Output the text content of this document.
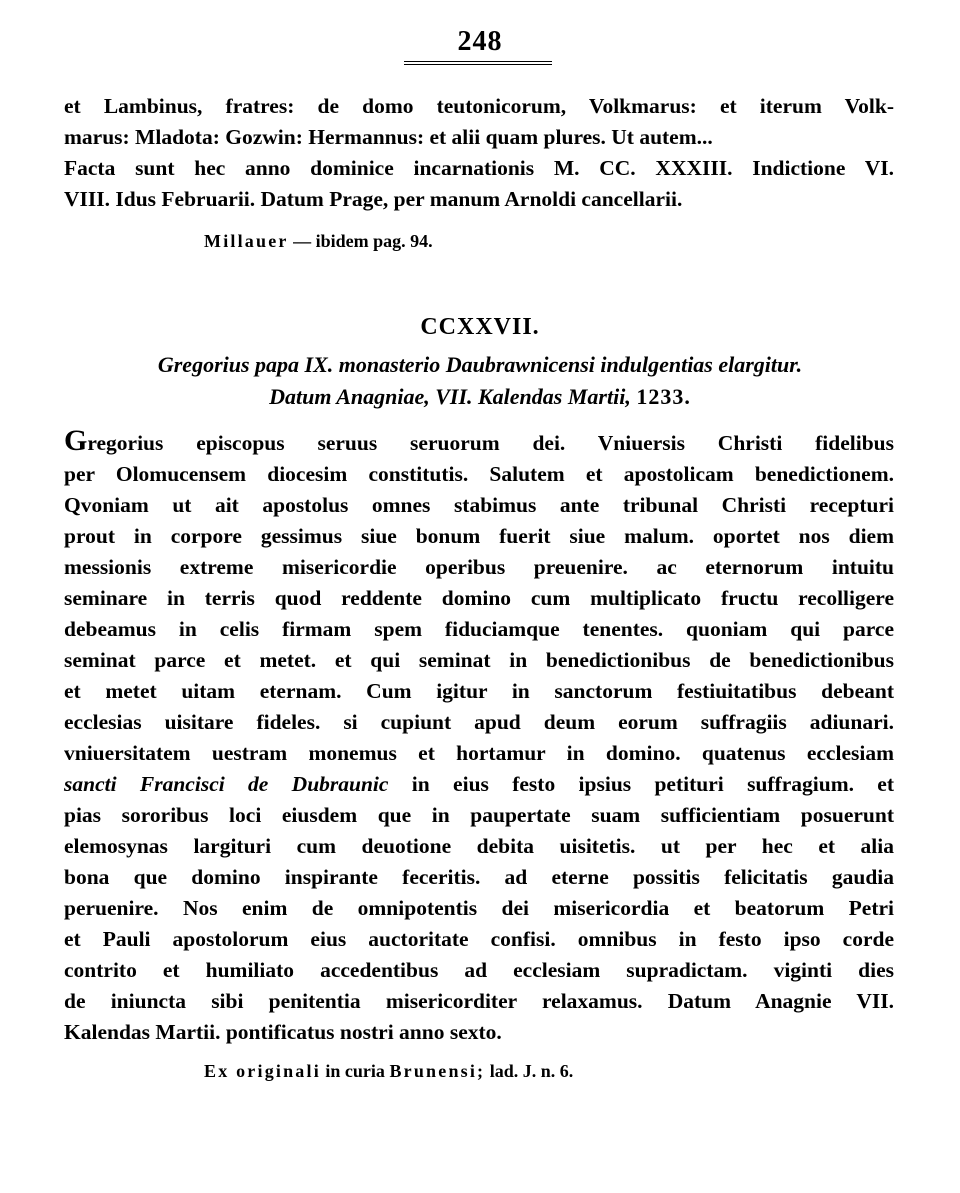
248
et Lambinus, fratres: de domo teutonicorum, Volkmarus: et iterum Volk-
marus: Mladota: Gozwin: Hermannus: et alii quam plures. Ut autem...
Facta sunt hec anno dominice incarnationis M. CC. XXXIII. Indictione VI.
VIII. Idus Februarii. Datum Prage, per manum Arnoldi cancellarii.
Millauer — ibidem pag. 94.
CCXXVII.
Gregorius papa IX. monasterio Daubrawnicensi indulgentias elargitur.
Datum Anagniae, VII. Kalendas Martii, 1233.
Gregorius episcopus seruus seruorum dei. Vniuersis Christi fidelibus
per Olomucensem diocesim constitutis. Salutem et apostolicam benedictionem.
Qvoniam ut ait apostolus omnes stabimus ante tribunal Christi recepturi
prout in corpore gessimus siue bonum fuerit siue malum. oportet nos diem
messionis extreme misericordie operibus preuenire. ac eternorum intuitu
seminare in terris quod reddente domino cum multiplicato fructu recolligere
debeamus in celis firmam spem fiduciamque tenentes. quoniam qui parce
seminat parce et metet. et qui seminat in benedictionibus de benedictionibus
et metet uitam eternam. Cum igitur in sanctorum festiuitatibus debeant
ecclesias uisitare fideles. si cupiunt apud deum eorum suffragiis adiunari.
vniuersitatem uestram monemus et hortamur in domino. quatenus ecclesiam
sancti Francisci de Dubraunic in eius festo ipsius petituri suffragium. et
pias sororibus loci eiusdem que in paupertate suam sufficientiam posuerunt
elemosynas largituri cum deuotione debita uisitetis. ut per hec et alia
bona que domino inspirante feceritis. ad eterne possitis felicitatis gaudia
peruenire. Nos enim de omnipotentis dei misericordia et beatorum Petri
et Pauli apostolorum eius auctoritate confisi. omnibus in festo ipso corde
contrito et humiliato accedentibus ad ecclesiam supradictam. viginti dies
de iniuncta sibi penitentia misericorditer relaxamus. Datum Anagnie VII.
Kalendas Martii. pontificatus nostri anno sexto.
Ex originali in curia Brunensi; lad. J. n. 6.
